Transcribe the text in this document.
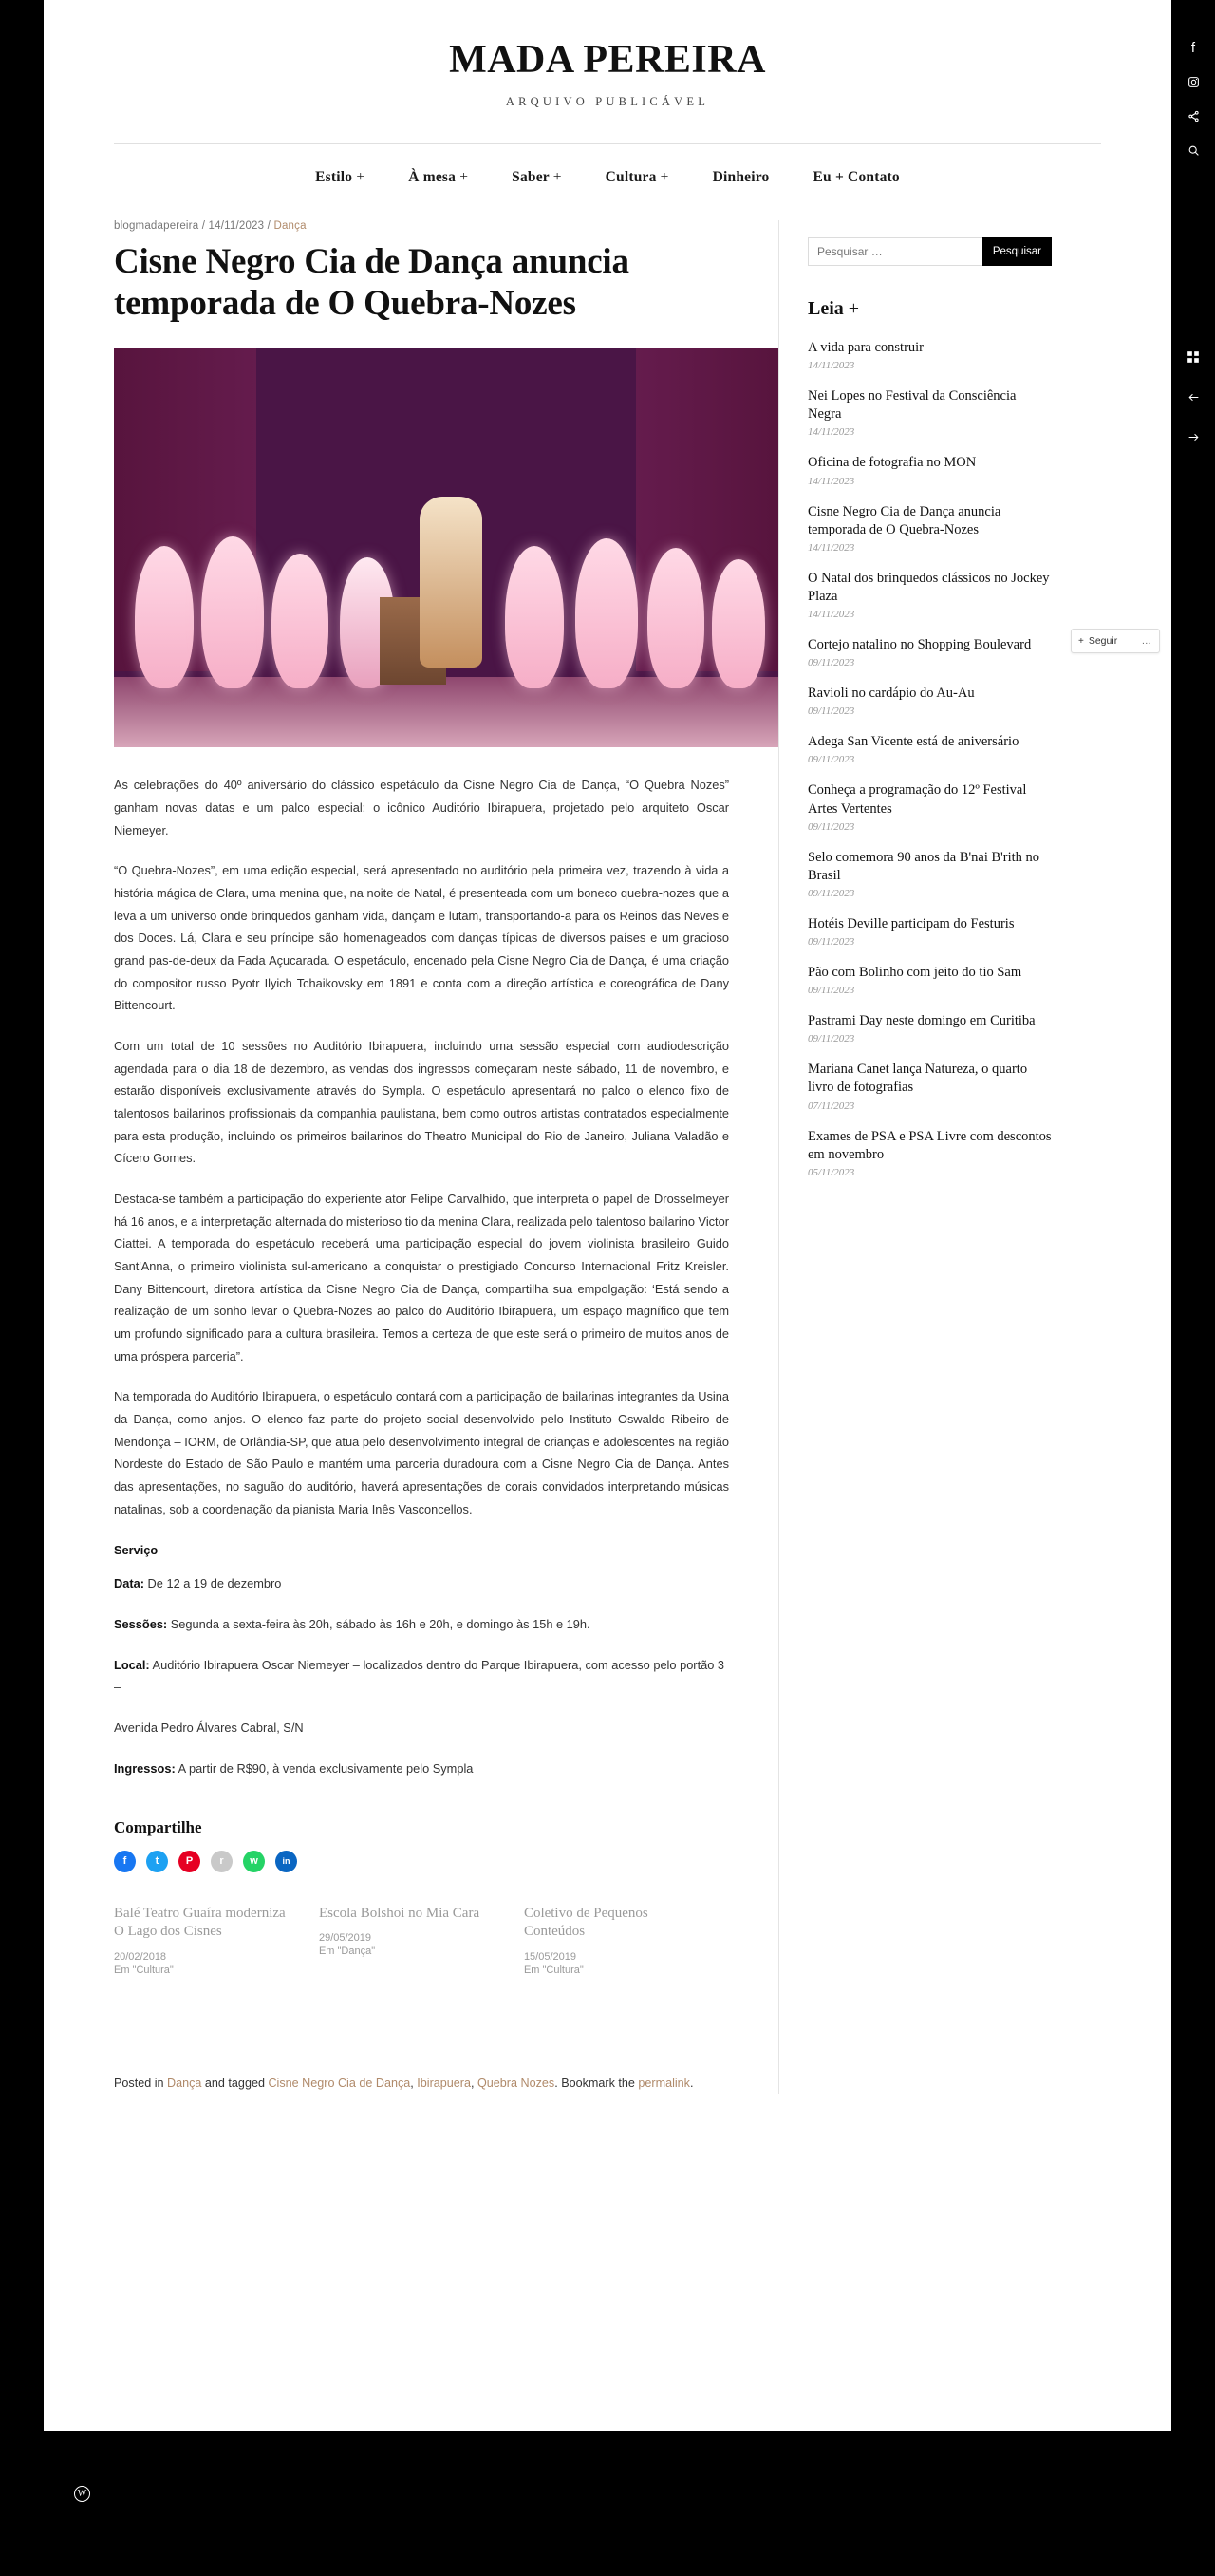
f
MADA PEREIRA
ARQUIVO PUBLICÁVEL
Estilo +	À mesa +	Saber +	Cultura +	Dinheiro	Eu + Contato
blogmadapereira / 14/11/2023 / Dança
Cisne Negro Cia de Dança anuncia temporada de O Quebra-Nozes

As celebrações do 40º aniversário do clássico espetáculo da Cisne Negro Cia de Dança, “O Quebra Nozes” ganham novas datas e um palco especial: o icônico Auditório Ibirapuera, projetado pelo arquiteto Oscar Niemeyer.

“O Quebra-Nozes”, em uma edição especial, será apresentado no auditório pela primeira vez, trazendo à vida a história mágica de Clara, uma menina que, na noite de Natal, é presenteada com um boneco quebra-nozes que a leva a um universo onde brinquedos ganham vida, dançam e lutam, transportando-a para os Reinos das Neves e dos Doces. Lá, Clara e seu príncipe são homenageados com danças típicas de diversos países e um gracioso grand pas-de-deux da Fada Açucarada. O espetáculo, encenado pela Cisne Negro Cia de Dança, é uma criação do compositor russo Pyotr Ilyich Tchaikovsky em 1891 e conta com a direção artística e coreográfica de Dany Bittencourt.

Com um total de 10 sessões no Auditório Ibirapuera, incluindo uma sessão especial com audiodescrição agendada para o dia 18 de dezembro, as vendas dos ingressos começaram neste sábado, 11 de novembro, e estarão disponíveis exclusivamente através do Sympla. O espetáculo apresentará no palco o elenco fixo de talentosos bailarinos profissionais da companhia paulistana, bem como outros artistas contratados especialmente para esta produção, incluindo os primeiros bailarinos do Theatro Municipal do Rio de Janeiro, Juliana Valadão e Cícero Gomes.

Destaca-se também a participação do experiente ator Felipe Carvalhido, que interpreta o papel de Drosselmeyer há 16 anos, e a interpretação alternada do misterioso tio da menina Clara, realizada pelo talentoso bailarino Victor Ciattei. A temporada do espetáculo receberá uma participação especial do jovem violinista brasileiro Guido Sant'Anna, o primeiro violinista sul-americano a conquistar o prestigiado Concurso Internacional Fritz Kreisler. Dany Bittencourt, diretora artística da Cisne Negro Cia de Dança, compartilha sua empolgação: ‘Está sendo a realização de um sonho levar o Quebra-Nozes ao palco do Auditório Ibirapuera, um espaço magnífico que tem um profundo significado para a cultura brasileira. Temos a certeza de que este será o primeiro de muitos anos de uma próspera parceria”.

Na temporada do Auditório Ibirapuera, o espetáculo contará com a participação de bailarinas integrantes da Usina da Dança, como anjos. O elenco faz parte do projeto social desenvolvido pelo Instituto Oswaldo Ribeiro de Mendonça – IORM, de Orlândia-SP, que atua pelo desenvolvimento integral de crianças e adolescentes na região Nordeste do Estado de São Paulo e mantém uma parceria duradoura com a Cisne Negro Cia de Dança. Antes das apresentações, no saguão do auditório, haverá apresentações de corais convidados interpretando músicas natalinas, sob a coordenação da pianista Maria Inês Vasconcellos.

Serviço

Data: De 12 a 19 de dezembro

Sessões: Segunda a sexta-feira às 20h, sábado às 16h e 20h, e domingo às 15h e 19h.

Local: Auditório Ibirapuera Oscar Niemeyer – localizados dentro do Parque Ibirapuera, com acesso pelo portão 3 –

Avenida Pedro Álvares Cabral, S/N

Ingressos: A partir de R$90, à venda exclusivamente pelo Sympla

Compartilhe
f	t	P	r	w	in
Balé Teatro Guaíra moderniza O Lago dos Cisnes
20/02/2018
Em "Cultura"
Escola Bolshoi no Mia Cara
29/05/2019
Em "Dança"
Coletivo de Pequenos Conteúdos
15/05/2019
Em "Cultura"
Posted in Dança and tagged Cisne Negro Cia de Dança, Ibirapuera, Quebra Nozes. Bookmark the permalink.
Pesquisar …
Pesquisar
Leia +
A vida para construir
14/11/2023
Nei Lopes no Festival da Consciência Negra
14/11/2023
Oficina de fotografia no MON
14/11/2023
Cisne Negro Cia de Dança anuncia temporada de O Quebra-Nozes
14/11/2023
O Natal dos brinquedos clássicos no Jockey Plaza
14/11/2023
Cortejo natalino no Shopping Boulevard
09/11/2023
Ravioli no cardápio do Au-Au
09/11/2023
Adega San Vicente está de aniversário
09/11/2023
Conheça a programação do 12º Festival Artes Vertentes
09/11/2023
Selo comemora 90 anos da B'nai B'rith no Brasil
09/11/2023
Hotéis Deville participam do Festuris
09/11/2023
Pão com Bolinho com jeito do tio Sam
09/11/2023
Pastrami Day neste domingo em Curitiba
09/11/2023
Mariana Canet lança Natureza, o quarto livro de fotografias
07/11/2023
Exames de PSA e PSA Livre com descontos em novembro
05/11/2023
+ Seguir …
W
